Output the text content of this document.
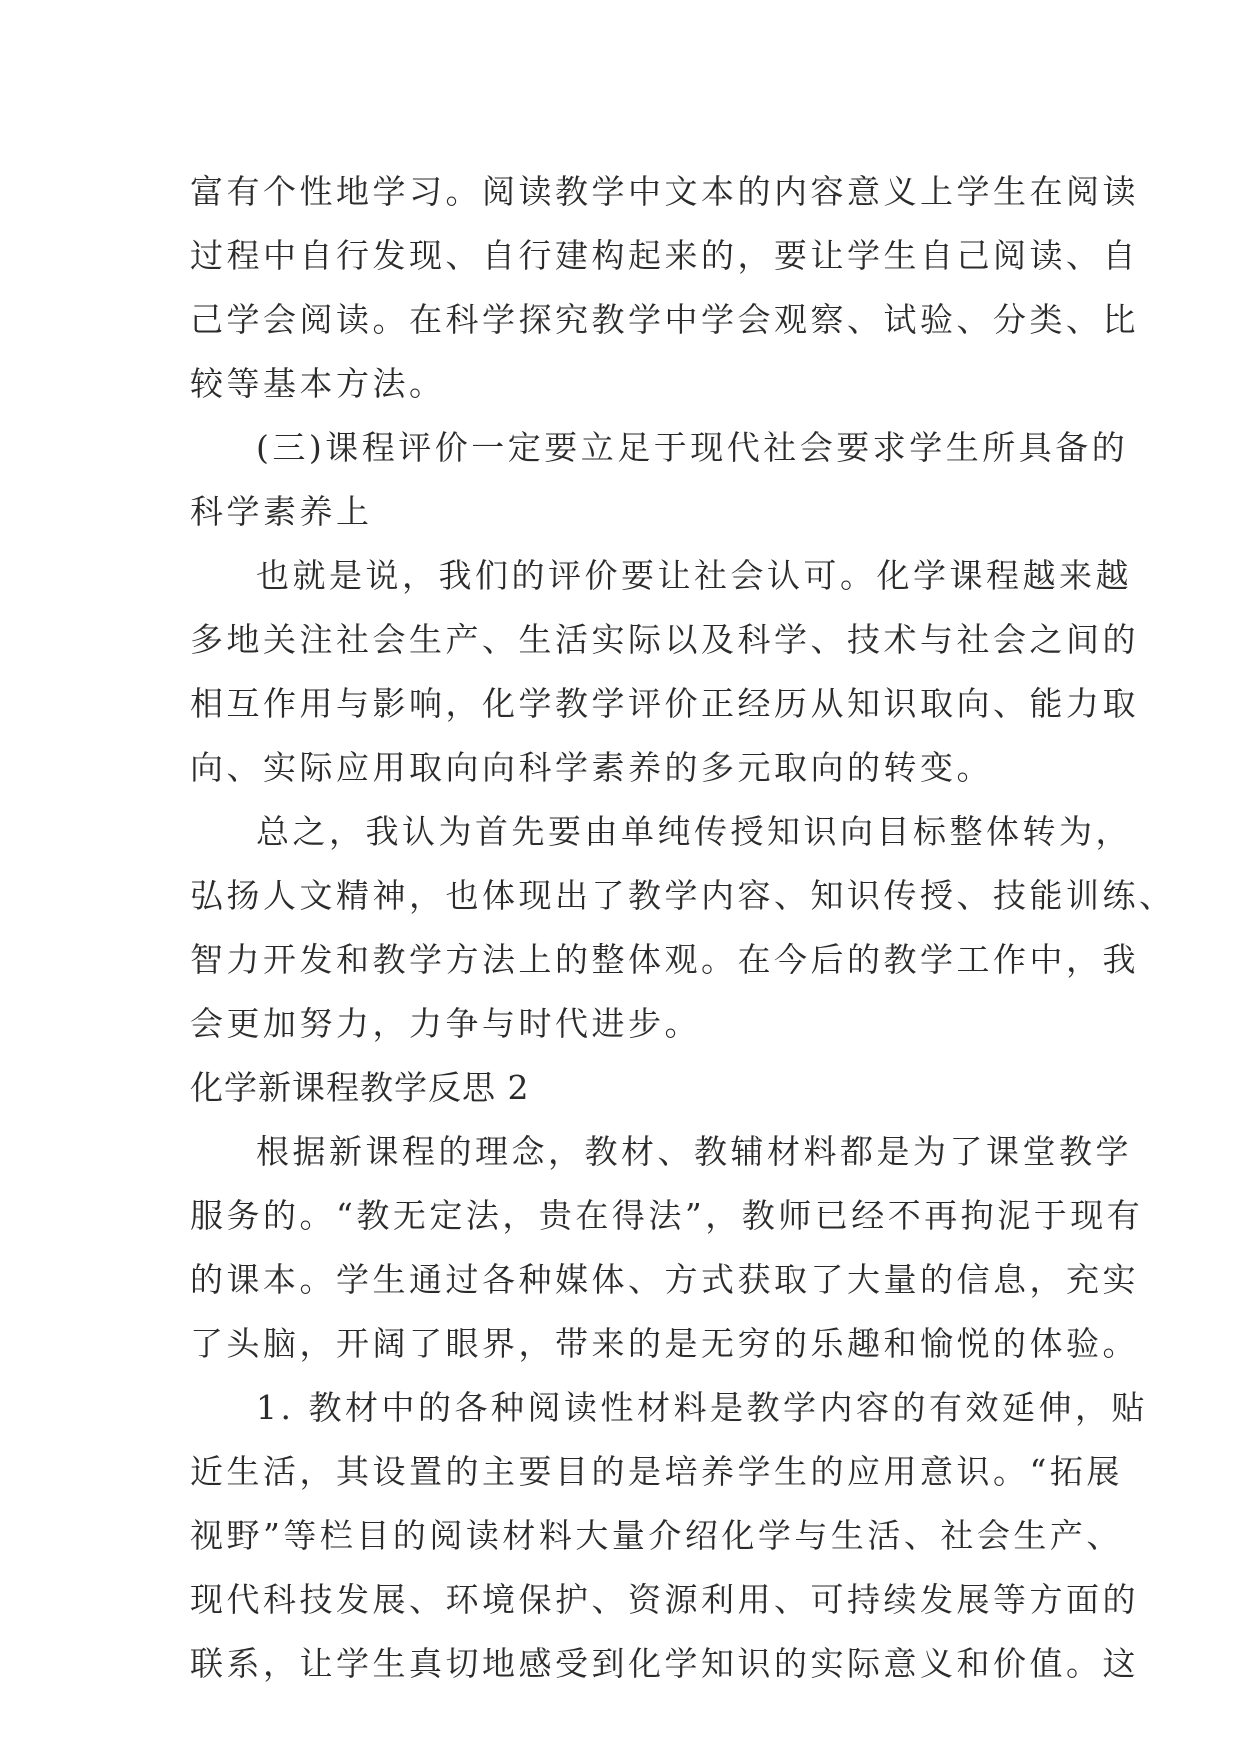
富有个性地学习。阅读教学中文本的内容意义上学生在阅读
过程中自行发现、自行建构起来的，要让学生自己阅读、自
己学会阅读。在科学探究教学中学会观察、试验、分类、比
较等基本方法。
(三)课程评价一定要立足于现代社会要求学生所具备的
科学素养上
也就是说，我们的评价要让社会认可。化学课程越来越
多地关注社会生产、生活实际以及科学、技术与社会之间的
相互作用与影响，化学教学评价正经历从知识取向、能力取
向、实际应用取向向科学素养的多元取向的转变。
总之，我认为首先要由单纯传授知识向目标整体转为，
弘扬人文精神，也体现出了教学内容、知识传授、技能训练、
智力开发和教学方法上的整体观。在今后的教学工作中，我
会更加努力，力争与时代进步。
化学新课程教学反思 2
根据新课程的理念，教材、教辅材料都是为了课堂教学
服务的。“教无定法，贵在得法”，教师已经不再拘泥于现有
的课本。学生通过各种媒体、方式获取了大量的信息，充实
了头脑，开阔了眼界，带来的是无穷的乐趣和愉悦的体验。
1. 教材中的各种阅读性材料是教学内容的有效延伸，贴
近生活，其设置的主要目的是培养学生的应用意识。“拓展
视野”等栏目的阅读材料大量介绍化学与生活、社会生产、
现代科技发展、环境保护、资源利用、可持续发展等方面的
联系，让学生真切地感受到化学知识的实际意义和价值。这
